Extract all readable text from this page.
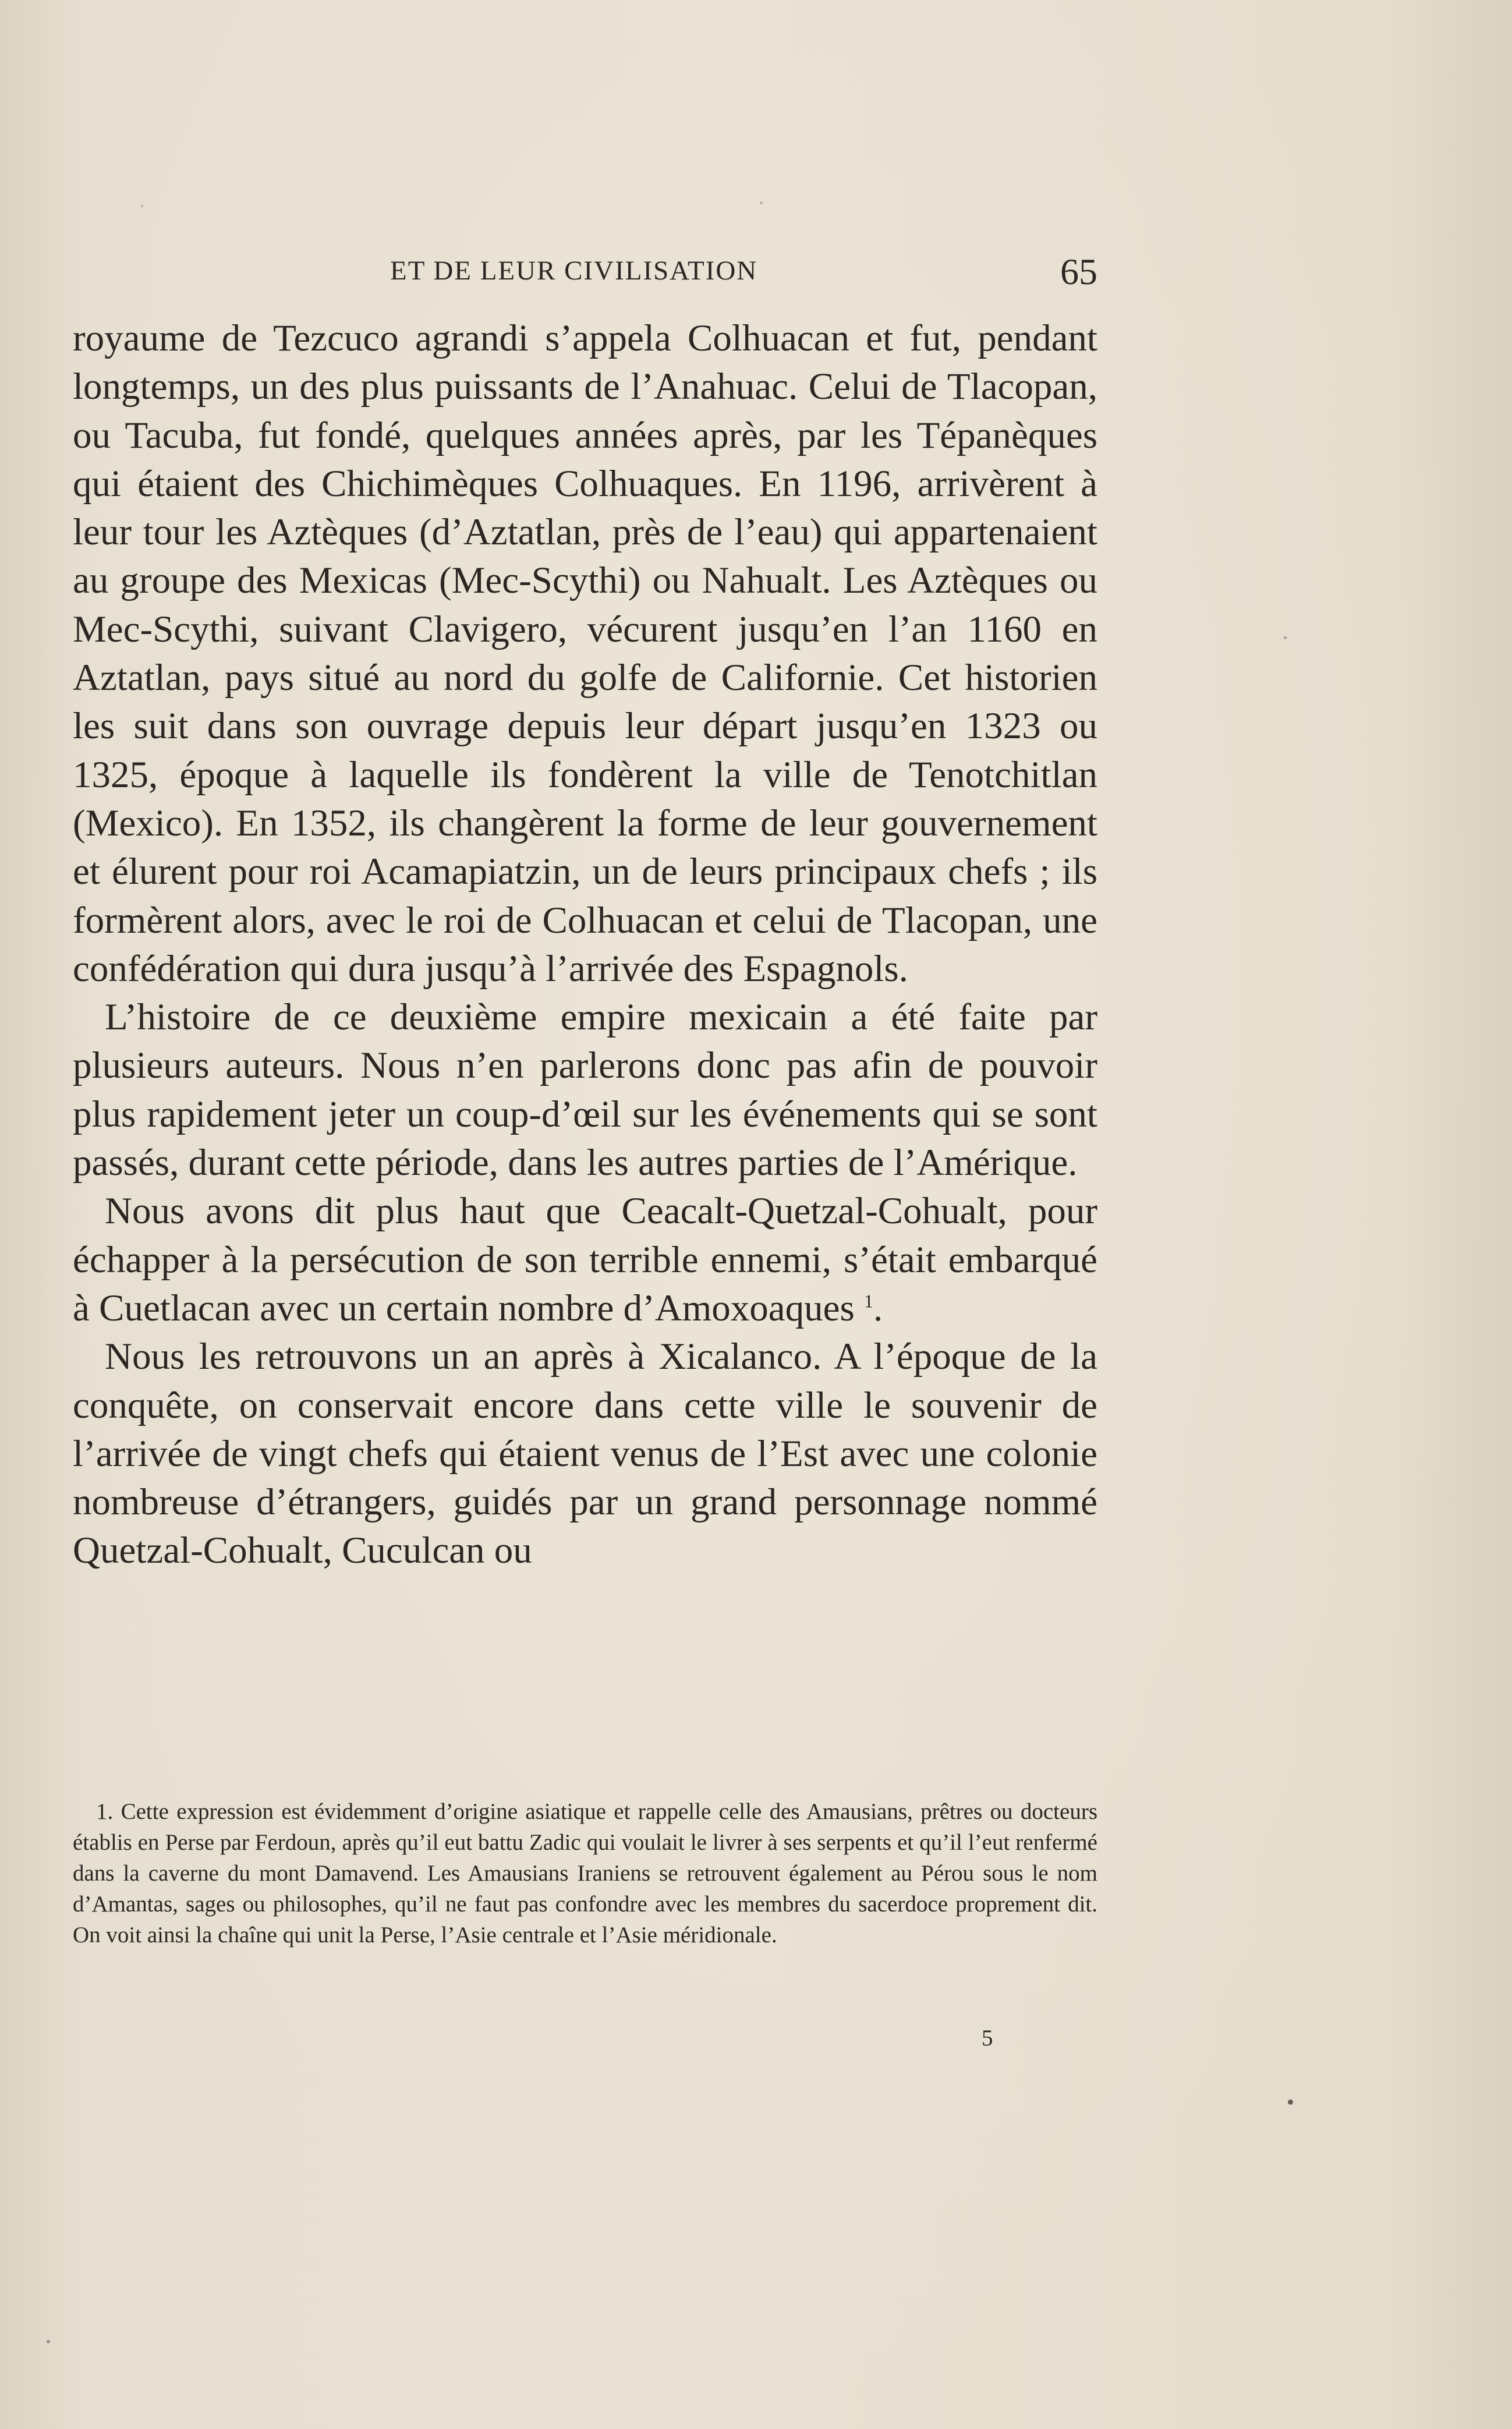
ET DE LEUR CIVILISATION	65

royaume de Tezcuco agrandi s’appela Colhuacan et fut, pendant longtemps, un des plus puissants de l’Anahuac. Celui de Tlacopan, ou Tacuba, fut fondé, quelques années après, par les Tépanèques qui étaient des Chichimèques Colhuaques. En 1196, arrivèrent à leur tour les Aztèques (d’Aztatlan, près de l’eau) qui appartenaient au groupe des Mexicas (Mec-Scythi) ou Nahualt. Les Aztèques ou Mec-Scythi, suivant Clavigero, vécurent jusqu’en l’an 1160 en Aztatlan, pays situé au nord du golfe de Californie. Cet historien les suit dans son ouvrage depuis leur départ jusqu’en 1323 ou 1325, époque à laquelle ils fondèrent la ville de Tenotchitlan (Mexico). En 1352, ils changèrent la forme de leur gouvernement et élurent pour roi Acamapiatzin, un de leurs principaux chefs ; ils formèrent alors, avec le roi de Colhuacan et celui de Tlacopan, une confédération qui dura jusqu’à l’arrivée des Espagnols.

L’histoire de ce deuxième empire mexicain a été faite par plusieurs auteurs. Nous n’en parlerons donc pas afin de pouvoir plus rapidement jeter un coup-d’œil sur les événements qui se sont passés, durant cette période, dans les autres parties de l’Amérique.

Nous avons dit plus haut que Ceacalt-Quetzal-Cohualt, pour échapper à la persécution de son terrible ennemi, s’était embarqué à Cuetlacan avec un certain nombre d’Amoxoaques $^1$.

Nous les retrouvons un an après à Xicalanco. A l’époque de la conquête, on conservait encore dans cette ville le souvenir de l’arrivée de vingt chefs qui étaient venus de l’Est avec une colonie nombreuse d’étrangers, guidés par un grand personnage nommé Quetzal-Cohualt, Cuculcan ou

1. Cette expression est évidemment d’origine asiatique et rappelle celle des Amausians, prêtres ou docteurs établis en Perse par Ferdoun, après qu’il eut battu Zadic qui voulait le livrer à ses serpents et qu’il l’eut renfermé dans la caverne du mont Damavend. Les Amausians Iraniens se retrouvent également au Pérou sous le nom d’Amantas, sages ou philosophes, qu’il ne faut pas confondre avec les membres du sacerdoce proprement dit. On voit ainsi la chaîne qui unit la Perse, l’Asie centrale et l’Asie méridionale.

5
